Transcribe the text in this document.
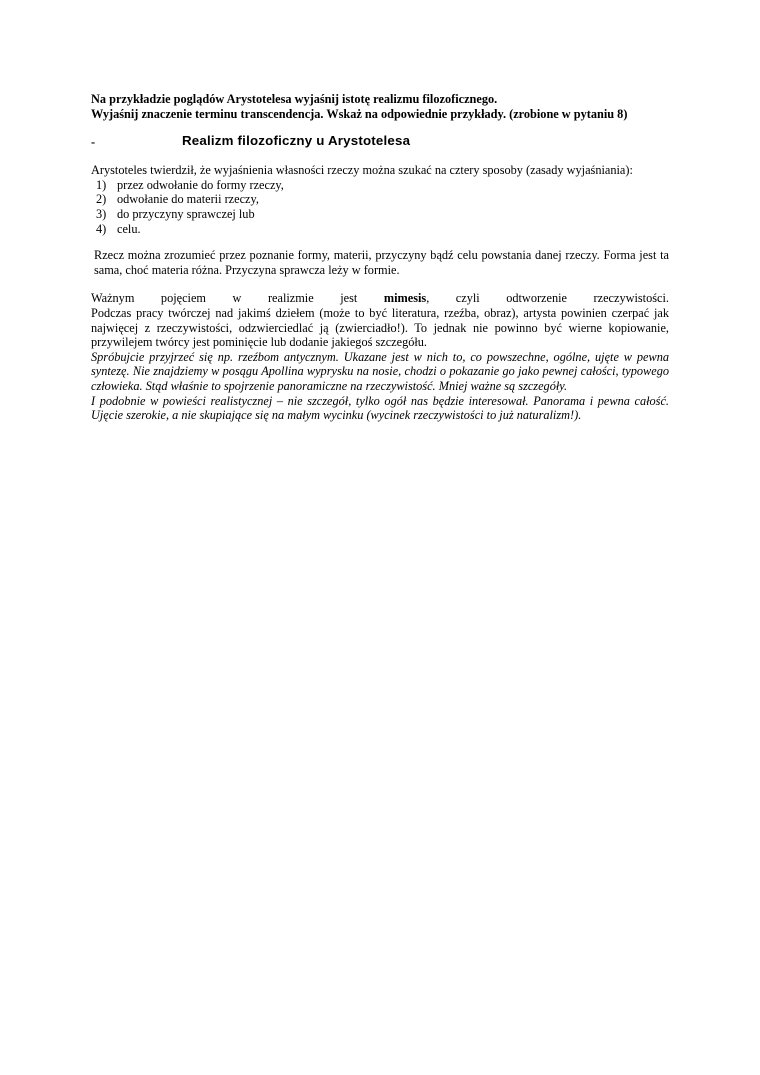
Na przykładzie poglądów Arystotelesa wyjaśnij istotę realizmu filozoficznego.

Wyjaśnij znaczenie terminu transcendencja. Wskaż na odpowiednie przykłady. (zrobione w pytaniu 8)

-	Realizm filozoficzny u Arystotelesa

Arystoteles twierdził, że wyjaśnienia własności rzeczy można szukać na cztery sposoby (zasady wyjaśniania):

1) przez odwołanie do formy rzeczy,
2) odwołanie do materii rzeczy,
3) do przyczyny sprawczej lub
4) celu.

Rzecz można zrozumieć przez poznanie formy, materii, przyczyny bądź celu powstania danej rzeczy. Forma jest ta sama, choć materia różna. Przyczyna sprawcza leży w formie.

Ważnym pojęciem w realizmie jest mimesis, czyli odtworzenie rzeczywistości.

Podczas pracy twórczej nad jakimś dziełem (może to być literatura, rzeźba, obraz), artysta powinien czerpać jak najwięcej z rzeczywistości, odzwierciedlać ją (zwierciadło!). To jednak nie powinno być wierne kopiowanie, przywilejem twórcy jest pominięcie lub dodanie jakiegoś szczegółu.

Spróbujcie przyjrzeć się np. rzeźbom antycznym. Ukazane jest w nich to, co powszechne, ogólne, ujęte w pewna syntezę. Nie znajdziemy w posągu Apollina wyprysku na nosie, chodzi o pokazanie go jako pewnej całości, typowego człowieka. Stąd właśnie to spojrzenie panoramiczne na rzeczywistość. Mniej ważne są szczegóły.

I podobnie w powieści realistycznej – nie szczegół, tylko ogół nas będzie interesował. Panorama i pewna całość. Ujęcie szerokie, a nie skupiające się na małym wycinku (wycinek rzeczywistości to już naturalizm!).
